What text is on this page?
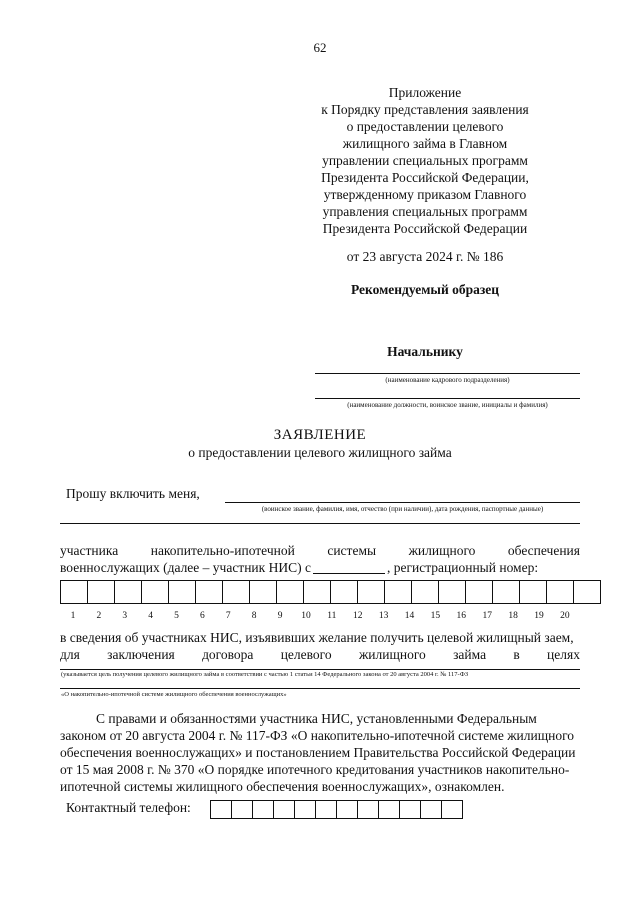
62
Приложение
к Порядку представления заявления
о предоставлении целевого
жилищного займа в Главном
управлении специальных программ
Президента Российской Федерации,
утвержденному приказом Главного
управления специальных программ
Президента Российской Федерации
от 23 августа 2024 г. № 186
Рекомендуемый образец
Начальнику
(наименование кадрового подразделения)
(наименование должности, воинское звание, инициалы и фамилия)
ЗАЯВЛЕНИЕ
о предоставлении целевого жилищного займа
Прошу включить меня,
(воинское звание, фамилия, имя, отчество (при наличии), дата рождения, паспортные данные)
участника накопительно-ипотечной системы жилищного обеспечения
военнослужащих (далее – участник НИС) с	, регистрационный номер:
1	2	3	4	5	6	7	8	9	10	11	12	13	14	15	16	17	18	19	20
в сведения об участниках НИС, изъявивших желание получить целевой жилищный заем,
для заключения договора целевого жилищного займа в целях
(указывается цель получения целевого жилищного займа в соответствии с частью 1 статьи 14 Федерального закона от 20 августа 2004 г. № 117-ФЗ
«О накопительно-ипотечной системе жилищного обеспечения военнослужащих»
С правами и обязанностями участника НИС, установленными Федеральным
законом от 20 августа 2004 г. № 117-ФЗ «О накопительно-ипотечной системе жилищного
обеспечения военнослужащих» и постановлением Правительства Российской Федерации
от 15 мая 2008 г. № 370 «О порядке ипотечного кредитования участников накопительно-
ипотечной системы жилищного обеспечения военнослужащих», ознакомлен.
Контактный телефон:
